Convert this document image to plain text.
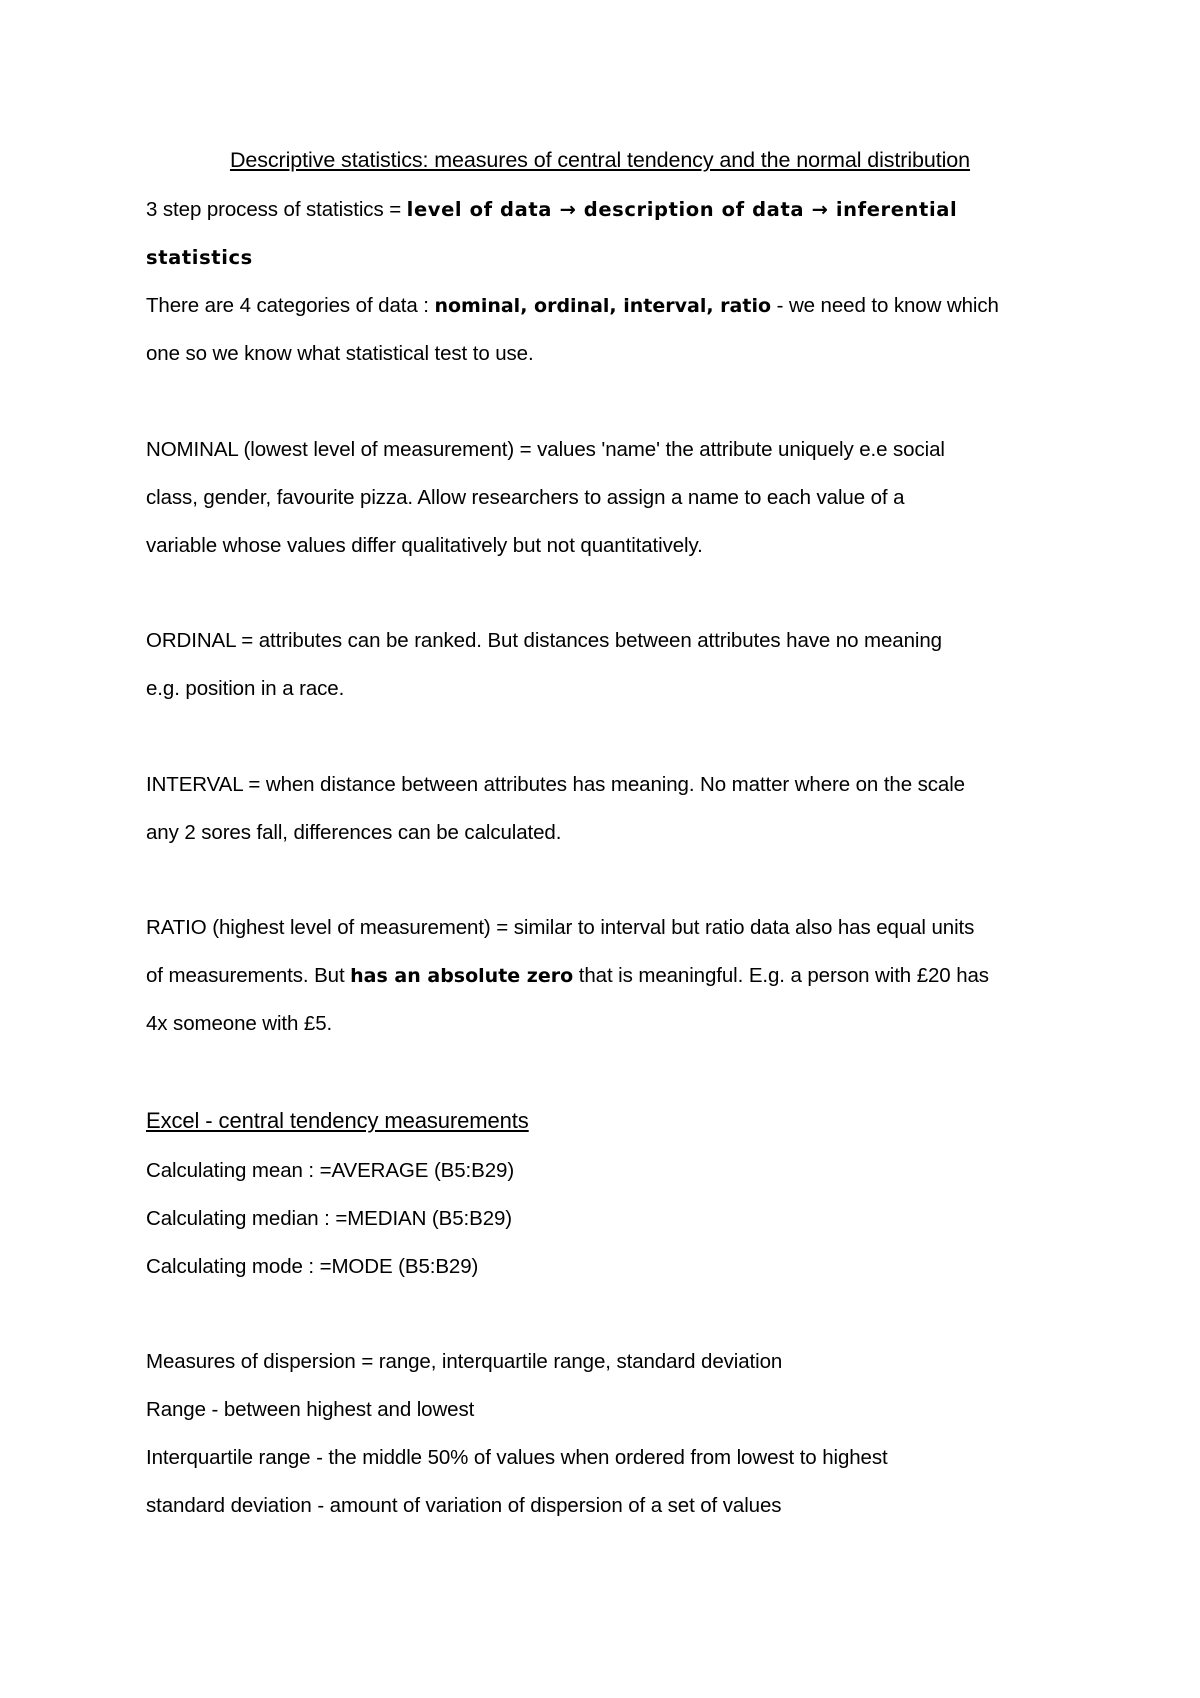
Descriptive statistics: measures of central tendency and the normal distribution
3 step process of statistics = level of data → description of data → inferential
statistics
There are 4 categories of data : nominal, ordinal, interval, ratio - we need to know which
one so we know what statistical test to use.
NOMINAL (lowest level of measurement) = values 'name' the attribute uniquely e.e social
class, gender, favourite pizza. Allow researchers to assign a name to each value of a
variable whose values differ qualitatively but not quantitatively.
ORDINAL = attributes can be ranked. But distances between attributes have no meaning
e.g. position in a race.
INTERVAL = when distance between attributes has meaning. No matter where on the scale
any 2 sores fall, differences can be calculated.
RATIO (highest level of measurement) = similar to interval but ratio data also has equal units
of measurements. But has an absolute zero that is meaningful. E.g. a person with £20 has
4x someone with £5.
Excel - central tendency measurements
Calculating mean : =AVERAGE (B5:B29)
Calculating median : =MEDIAN (B5:B29)
Calculating mode : =MODE (B5:B29)
Measures of dispersion = range, interquartile range, standard deviation
Range - between highest and lowest
Interquartile range - the middle 50% of values when ordered from lowest to highest
standard deviation - amount of variation of dispersion of a set of values
